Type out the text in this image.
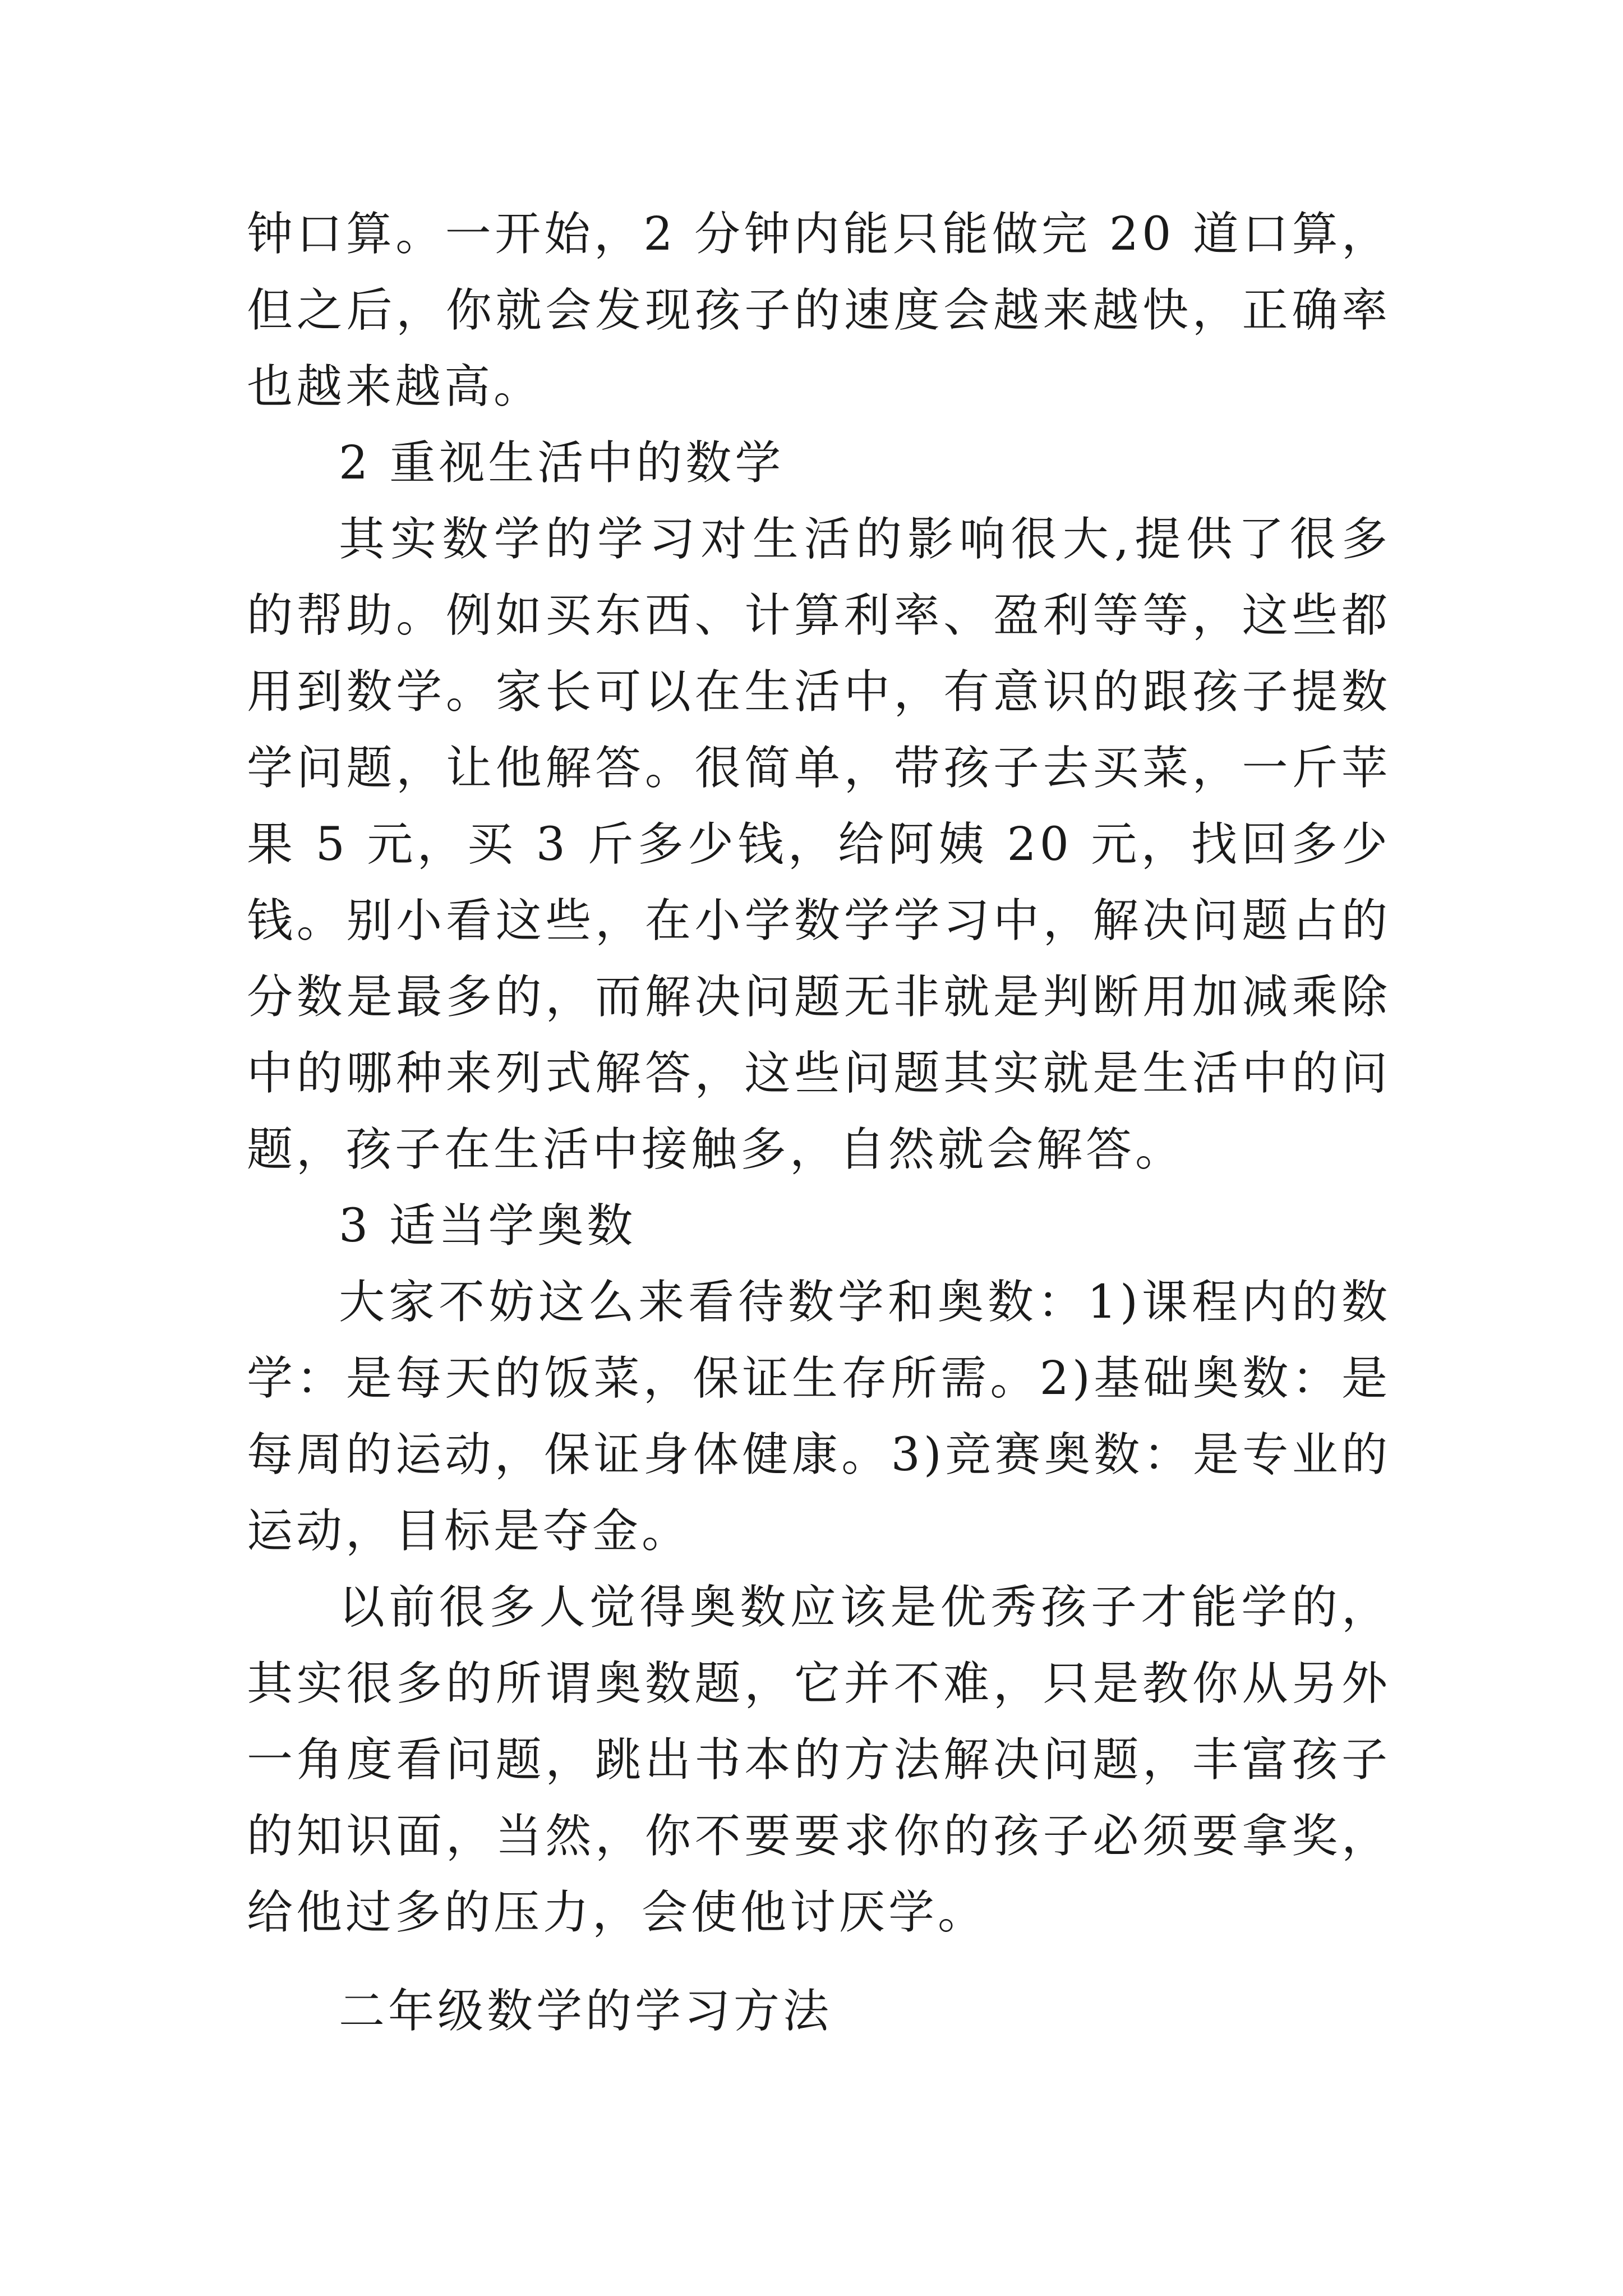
钟口算。一开始，2 分钟内能只能做完 20 道口算，但之后，你就会发现孩子的速度会越来越快，正确率也越来越高。

2 重视生活中的数学

其实数学的学习对生活的影响很大,提供了很多的帮助。例如买东西、计算利率、盈利等等，这些都用到数学。家长可以在生活中，有意识的跟孩子提数学问题，让他解答。很简单，带孩子去买菜，一斤苹果 5 元，买 3 斤多少钱，给阿姨 20 元，找回多少钱。别小看这些，在小学数学学习中，解决问题占的分数是最多的，而解决问题无非就是判断用加减乘除中的哪种来列式解答，这些问题其实就是生活中的问题，孩子在生活中接触多，自然就会解答。

3 适当学奥数

大家不妨这么来看待数学和奥数：1)课程内的数学：是每天的饭菜，保证生存所需。2)基础奥数：是每周的运动，保证身体健康。3)竞赛奥数：是专业的运动，目标是夺金。

以前很多人觉得奥数应该是优秀孩子才能学的，其实很多的所谓奥数题，它并不难，只是教你从另外一角度看问题，跳出书本的方法解决问题，丰富孩子的知识面，当然，你不要要求你的孩子必须要拿奖，给他过多的压力，会使他讨厌学。

二年级数学的学习方法
